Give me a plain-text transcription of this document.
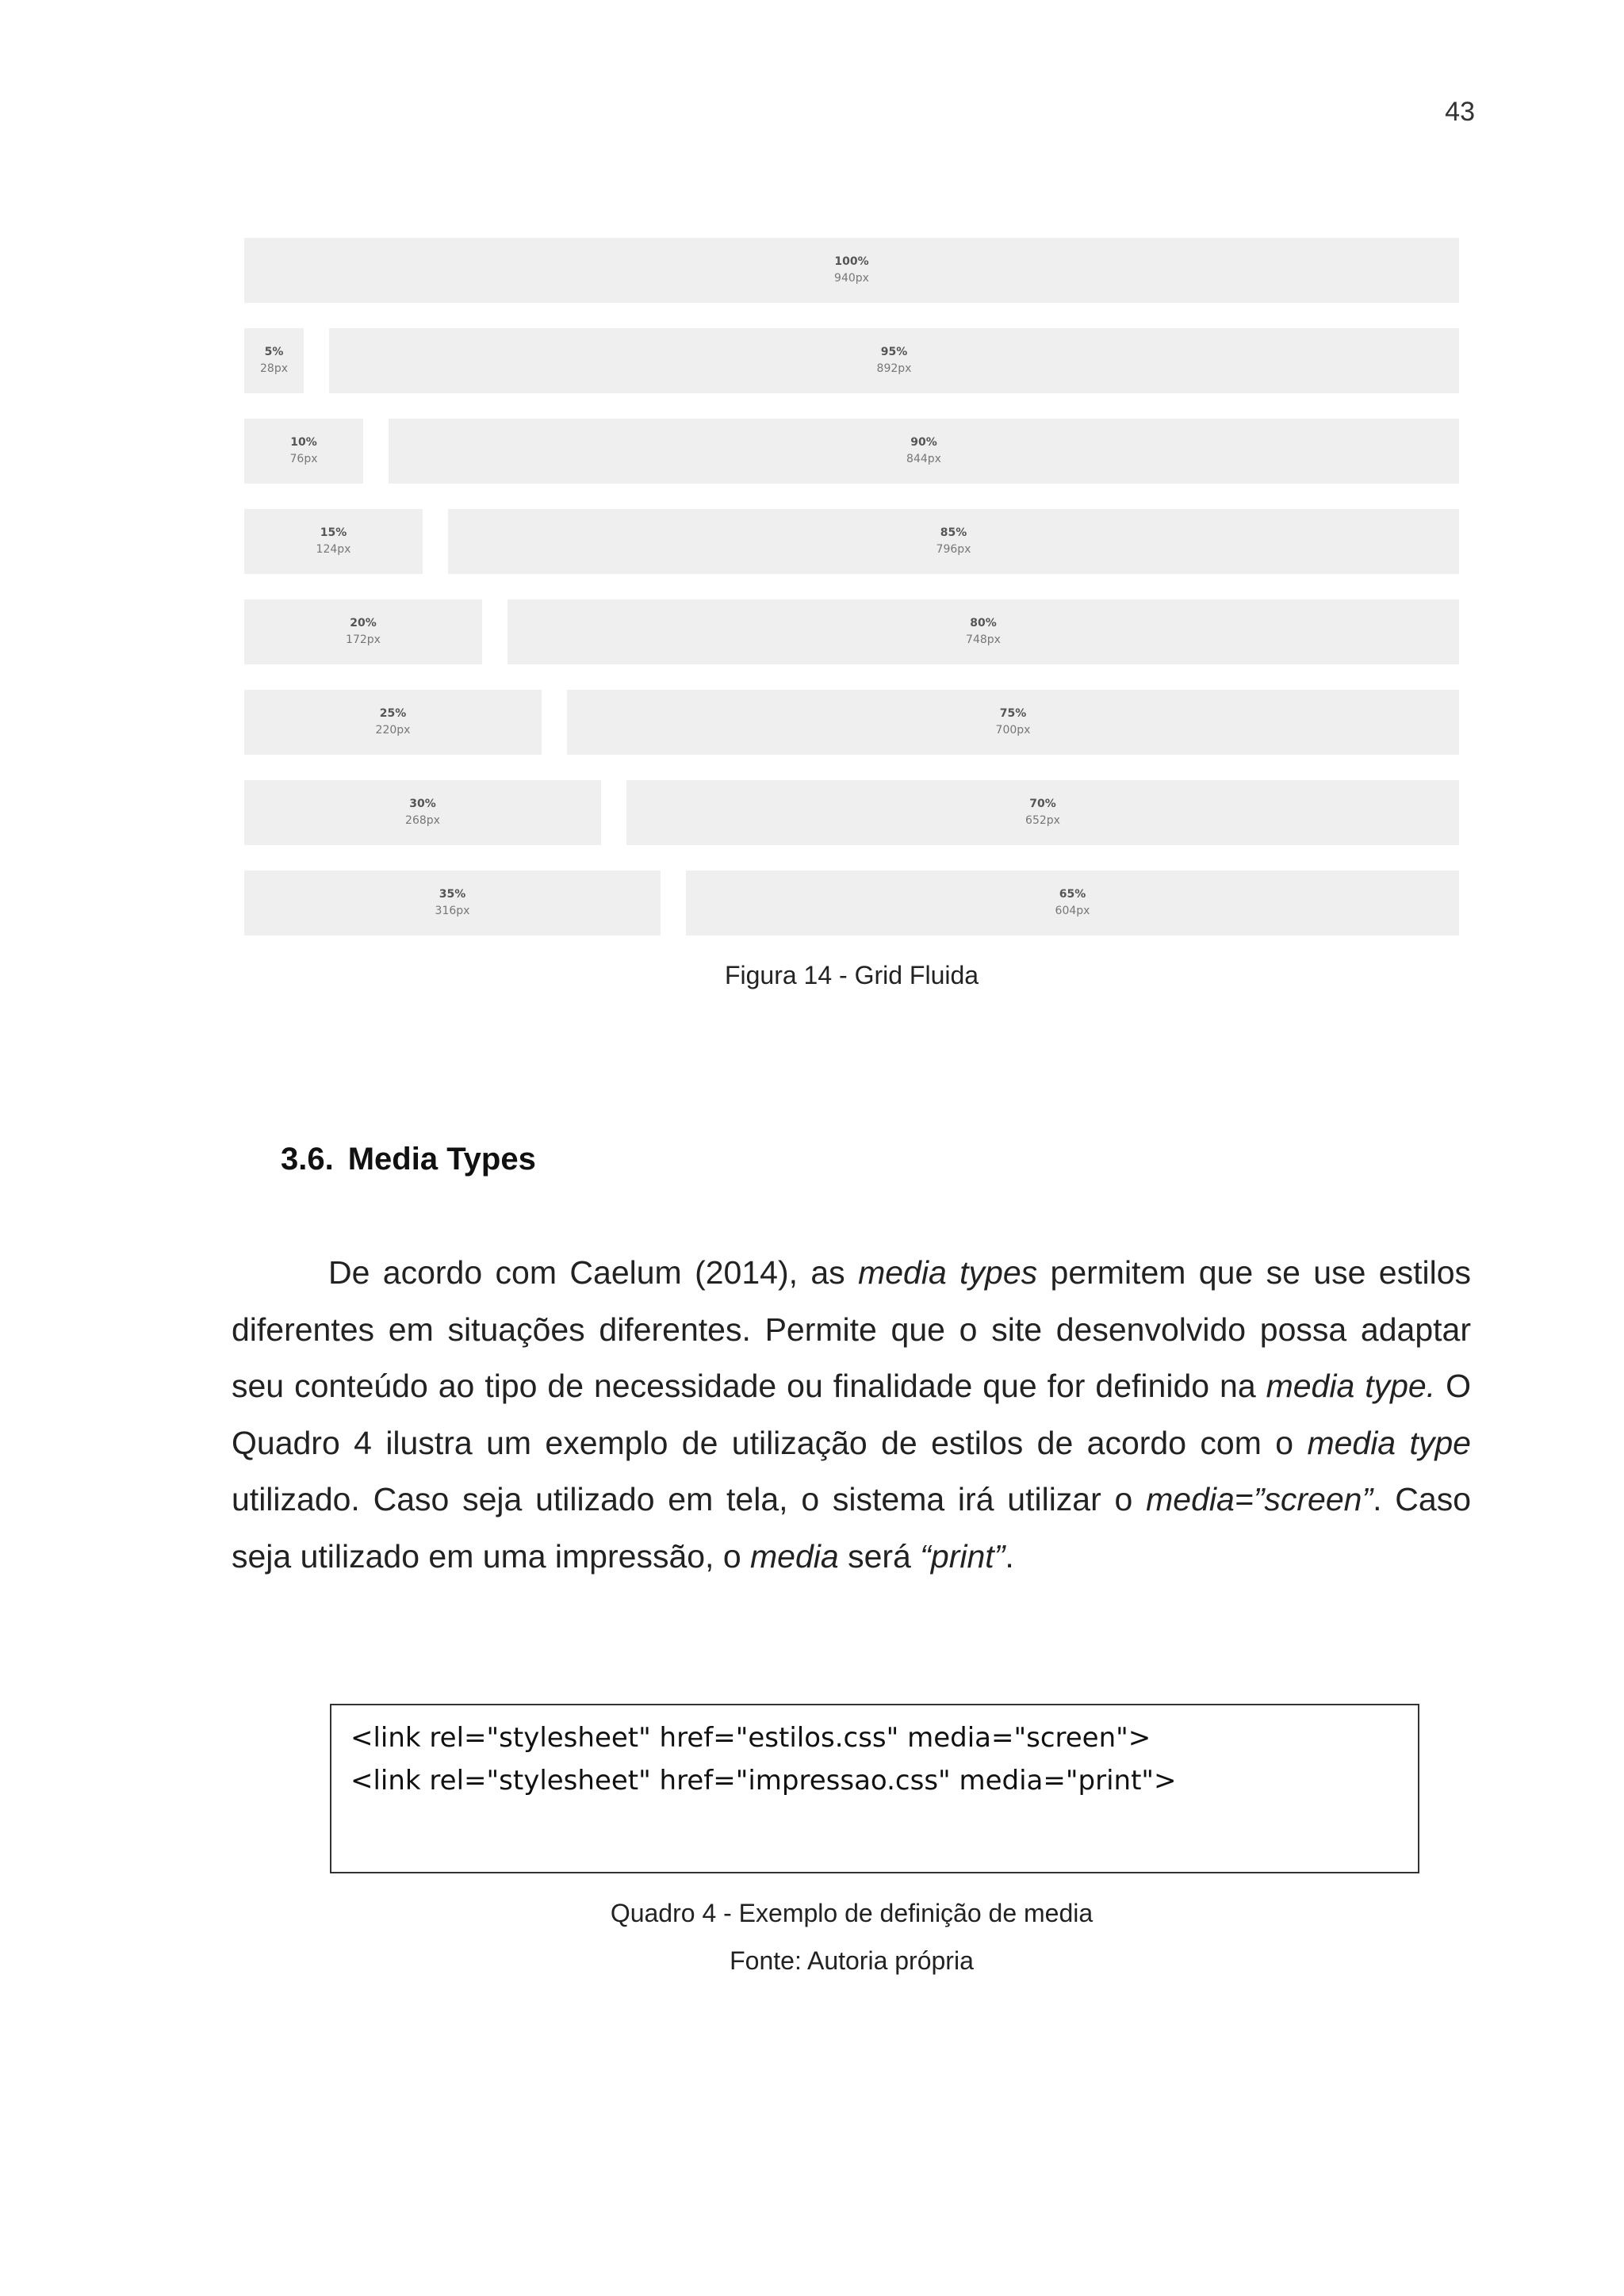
43
100%
940px
5%
28px
95%
892px
10%
76px
90%
844px
15%
124px
85%
796px
20%
172px
80%
748px
25%
220px
75%
700px
30%
268px
70%
652px
35%
316px
65%
604px
Figura 14 - Grid Fluida
3.6. Media Types
De acordo com Caelum (2014), as media types permitem que se use estilos
diferentes em situações diferentes. Permite que o site desenvolvido possa adaptar
seu conteúdo ao tipo de necessidade ou finalidade que for definido na media type. O
Quadro 4 ilustra um exemplo de utilização de estilos de acordo com o media type
utilizado. Caso seja utilizado em tela, o sistema irá utilizar o media=”screen”. Caso
seja utilizado em uma impressão, o media será “print”.
<link rel="stylesheet" href="estilos.css" media="screen">
<link rel="stylesheet" href="impressao.css" media="print">
Quadro 4 - Exemplo de definição de media
Fonte: Autoria própria
